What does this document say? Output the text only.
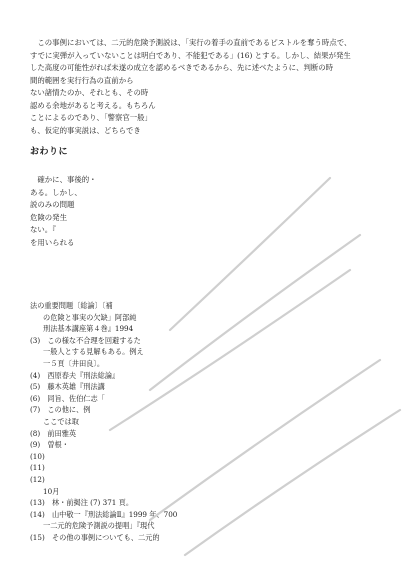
　この事例においては、二元的危険予測説は、「実行の着手の直前であるピストルを奪う時点で、
すでに実弾が入っていないことは明白であり、不能犯である」(16) とする。しかし、結果が発生
した高度の可能性がれば未遂の成立を認めるべきであるから、先に述べたように、判断の時
間的範囲を実行行為の直前から
ない諸情たのか、それとも、その時
認める余地があると考える。もちろん
ことによるのであり、「警察官一般」
も、仮定的事実説は、どちらでき

おわりに

　確かに、事後的・
ある。しかし、
説のみの問題
危険の発生
ない。『
を用いられる

法の重要問題〔総論〕〔補
の危険と事実の欠缺」阿部純
刑法基本講座第４巻』1994
(3)　この様な不合理を回避するた
一般人とする見解もある。例え
一５頁〔井田良〕。
(4)　西原春夫『刑法総論』
(5)　藤木英雄『刑法講
(6)　同旨、佐伯仁志「
(7)　この他に、例
ここでは取
(8)　前田雅英
(9)　曽根・
(10)　
(11)
(12)　
10月
(13)　林・前掲注 (7) 371 頁。
(14)　山中敬一『刑法総論Ⅱ』1999 年、700
一二元的危険予測説の提唱」『現代
(15)　その他の事例についても、二元的
